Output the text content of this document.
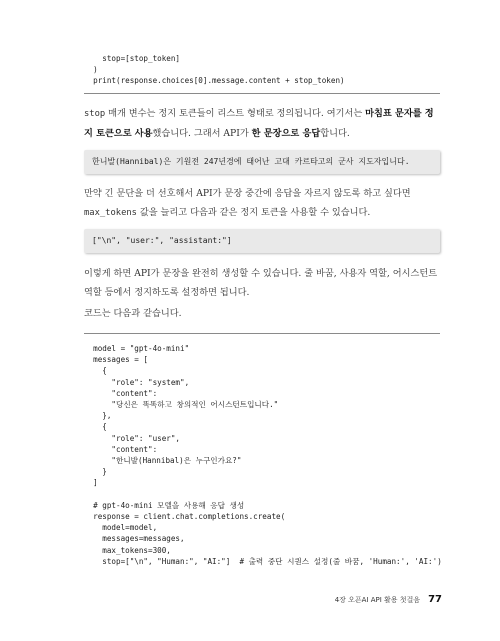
stop=[stop_token]
)
print(response.choices[0].message.content + stop_token)

stop 매개 변수는 정지 토큰들이 리스트 형태로 정의됩니다. 여기서는 마침표 문자를 정지 토큰으로 사용했습니다. 그래서 API가 한 문장으로 응답합니다.

한니발(Hannibal)은 기원전 247년경에 태어난 고대 카르타고의 군사 지도자입니다.

만약 긴 문단을 더 선호해서 API가 문장 중간에 응답을 자르지 않도록 하고 싶다면 max_tokens 값을 늘리고 다음과 같은 정지 토큰을 사용할 수 있습니다.

["\n", "user:", "assistant:"]

이렇게 하면 API가 문장을 완전히 생성할 수 있습니다. 줄 바꿈, 사용자 역할, 어시스턴트 역할 등에서 정지하도록 설정하면 됩니다.

코드는 다음과 같습니다.

model = "gpt-4o-mini"
messages = [
{
"role": "system",
"content":
"당신은 똑똑하고 창의적인 어시스턴트입니다."
},
{
"role": "user",
"content":
"한니발(Hannibal)은 누구인가요?"
}
]

# gpt-4o-mini 모델을 사용해 응답 생성
response = client.chat.completions.create(
model=model,
messages=messages,
max_tokens=300,
stop=["\n", "Human:", "AI:"]  # 출력 중단 시퀀스 설정(줄 바꿈, 'Human:', 'AI:')
4장 오픈AI API 활용 첫걸음 77
